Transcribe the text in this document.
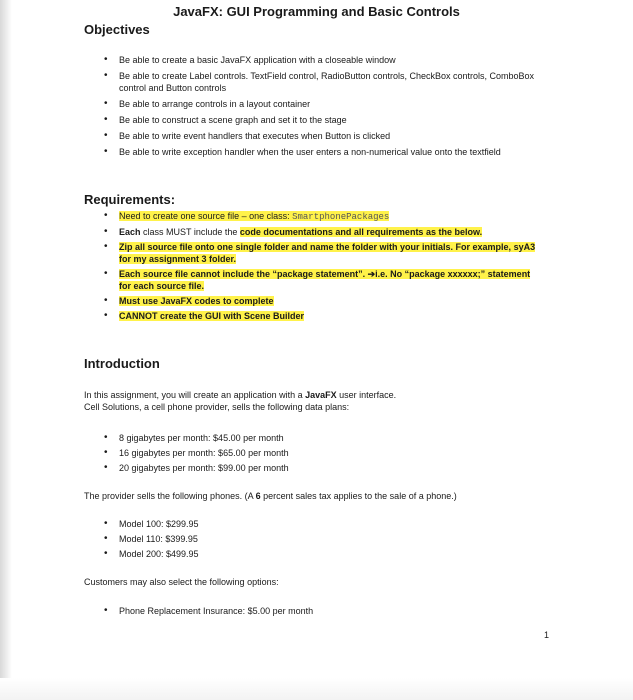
JavaFX: GUI Programming and Basic Controls
Objectives
• Be able to create a basic JavaFX application with a closeable window
• Be able to create Label controls. TextField control, RadioButton controls, CheckBox controls, ComboBox control and Button controls
• Be able to arrange controls in a layout container
• Be able to construct a scene graph and set it to the stage
• Be able to write event handlers that executes when Button is clicked
• Be able to write exception handler when the user enters a non-numerical value onto the textfield
Requirements:
• Need to create one source file – one class: SmartphonePackages
• Each class MUST include the code documentations and all requirements as the below.
• Zip all source file onto one single folder and name the folder with your initials. For example, syA3 for my assignment 3 folder.
• Each source file cannot include the “package statement”. ➔i.e. No “package xxxxxx;” statement for each source file.
• Must use JavaFX codes to complete
• CANNOT create the GUI with Scene Builder
Introduction
In this assignment, you will create an application with a JavaFX user interface.
Cell Solutions, a cell phone provider, sells the following data plans:
• 8 gigabytes per month: $45.00 per month
• 16 gigabytes per month: $65.00 per month
• 20 gigabytes per month: $99.00 per month
The provider sells the following phones. (A 6 percent sales tax applies to the sale of a phone.)
• Model 100: $299.95
• Model 110: $399.95
• Model 200: $499.95
Customers may also select the following options:
• Phone Replacement Insurance: $5.00 per month
1
